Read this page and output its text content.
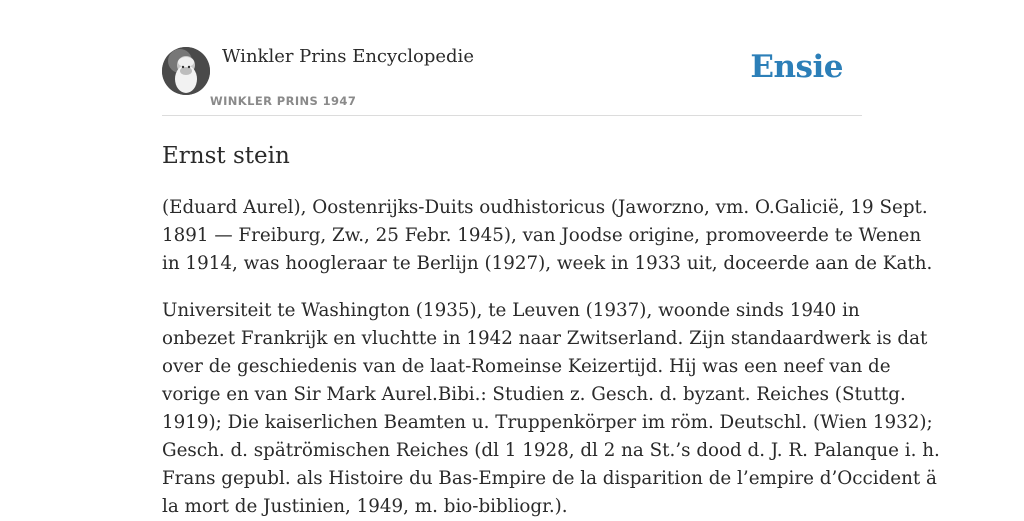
Winkler Prins Encyclopedie
WINKLER PRINS 1947
Ensie
Ernst stein

(Eduard Aurel), Oostenrijks-Duits oudhistoricus (Jaworzno, vm. O.Galicië, 19 Sept.
1891 — Freiburg, Zw., 25 Febr. 1945), van Joodse origine, promoveerde te Wenen
in 1914, was hoogleraar te Berlijn (1927), week in 1933 uit, doceerde aan de Kath.

Universiteit te Washington (1935), te Leuven (1937), woonde sinds 1940 in
onbezet Frankrijk en vluchtte in 1942 naar Zwitserland. Zijn standaardwerk is dat
over de geschiedenis van de laat-Romeinse Keizertijd. Hij was een neef van de
vorige en van Sir Mark Aurel.Bibi.: Studien z. Gesch. d. byzant. Reiches (Stuttg.
1919); Die kaiserlichen Beamten u. Truppenkörper im röm. Deutschl. (Wien 1932);
Gesch. d. spätrömischen Reiches (dl 1 1928, dl 2 na St.’s dood d. J. R. Palanque i. h.
Frans gepubl. als Histoire du Bas-Empire de la disparition de l’empire d’Occident ä
la mort de Justinien, 1949, m. bio-bibliogr.).
